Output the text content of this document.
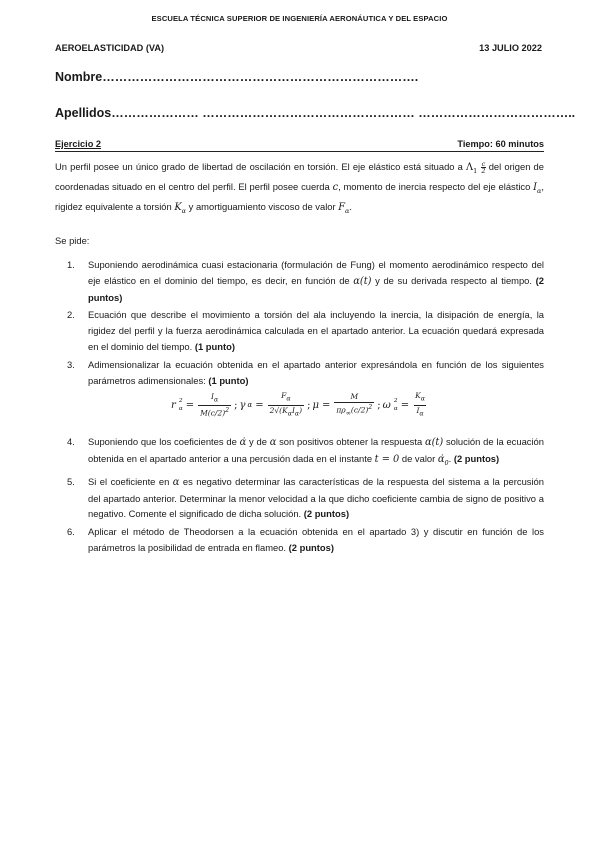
ESCUELA TÉCNICA SUPERIOR DE INGENIERÍA AERONÁUTICA Y DEL ESPACIO
AEROELASTICIDAD (VA)	13 JULIO 2022
Nombre………………………………………………………………….
Apellidos………………… …………………………………………… ………………………………..
Ejercicio 2	Tiempo: 60 minutos
Un perfil posee un único grado de libertad de oscilación en torsión. El eje elástico está situado a $\Lambda_1 \frac{c}{2}$ del origen de coordenadas situado en el centro del perfil. El perfil posee cuerda c, momento de inercia respecto del eje elástico $I_\alpha$, rigidez equivalente a torsión $K_\alpha$ y amortiguamiento viscoso de valor $F_\alpha$.
Se pide:
1. Suponiendo aerodinámica cuasi estacionaria (formulación de Fung) el momento aerodinámico respecto del eje elástico en el dominio del tiempo, es decir, en función de α(t) y de su derivada respecto al tiempo. (2 puntos)
2. Ecuación que describe el movimiento a torsión del ala incluyendo la inercia, la disipación de energía, la rigidez del perfil y la fuerza aerodinámica calculada en el apartado anterior. La ecuación quedará expresada en el dominio del tiempo. (1 punto)
3. Adimensionalizar la ecuación obtenida en el apartado anterior expresándola en función de los siguientes parámetros adimensionales: (1 punto)
r 2
$\alpha = \frac{I_\alpha}{M(c/2)^2}$ ; γ α =
$F_\alpha$
$2√(K_\alpha I_\alpha)$ ; $\mu = \frac{M}{\pi\rho_\infty(c/2)^2}$ ; ω 2
$\alpha = \frac{K_\alpha}{I_\alpha}$
4. Suponiendo que los coeficientes de α̇ y de α son positivos obtener la respuesta α(t) solución de la ecuación obtenida en el apartado anterior a una percusión dada en el instante t = 0 de valor $\alphȧ_0$. (2 puntos)
5. Si el coeficiente en α es negativo determinar las características de la respuesta del sistema a la percusión del apartado anterior. Determinar la menor velocidad a la que dicho coeficiente cambia de signo de positivo a negativo. Comente el significado de dicha solución. (2 puntos)
6. Aplicar el método de Theodorsen a la ecuación obtenida en el apartado 3) y discutir en función de los parámetros la posibilidad de entrada en flameo. (2 puntos)
